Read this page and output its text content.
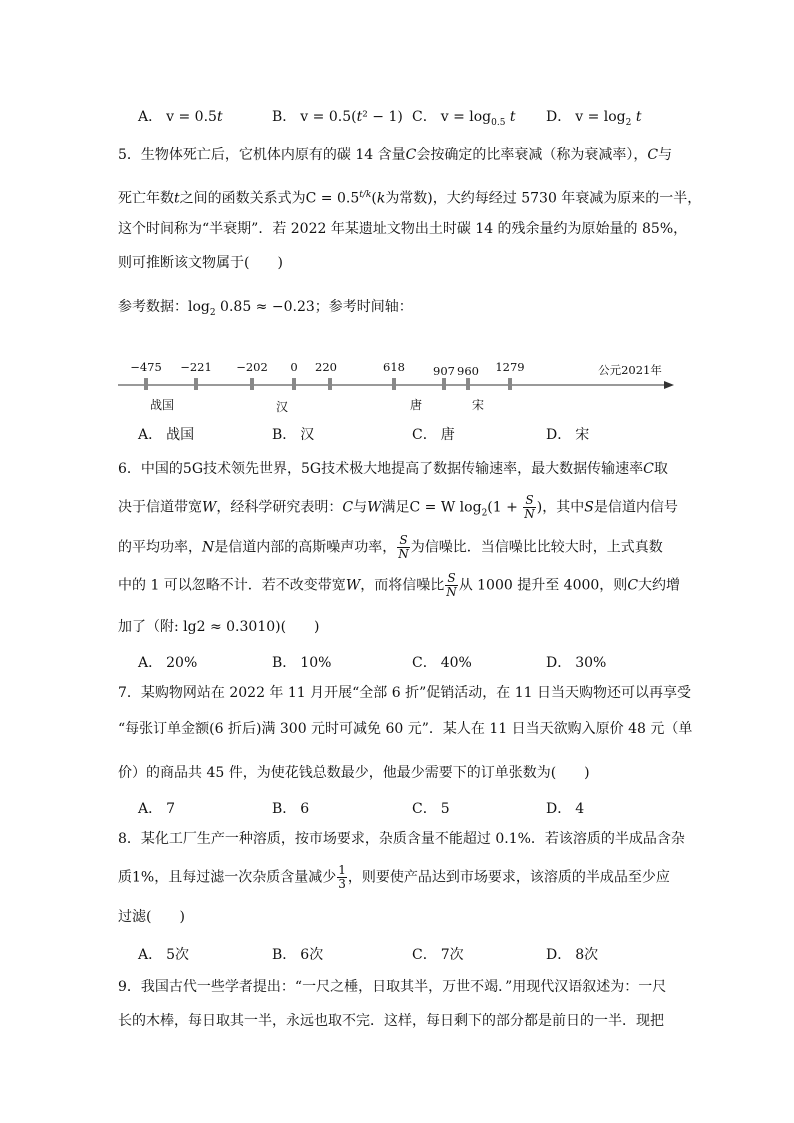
A． v = 0.5t	B． v = 0.5(t² − 1) C． $v = \log_{0.5} t$ D． $v = \log_2 t$
5．生物体死亡后，它机体内原有的碳 14 含量C会按确定的比率衰减（称为衰减率），C与
死亡年数t之间的函数关系式为$C = 0.5^{t/k}(k$为常数)，大约每经过 5730 年衰减为原来的一半，
这个时间称为“半衰期”．若 2022 年某遗址文物出土时碳 14 的残余量约为原始量的 85%，
则可推断该文物属于(　　)
参考数据：$\log_2 0.85 \approx -0.23$；参考时间轴：
−475 −221 −202 0 220	618 907 960 1279	公元2021年
战国	汉	唐	宋
A． 战国	B． 汉	C． 唐	D． 宋
6．中国的5G技术领先世界，5G技术极大地提高了数据传输速率，最大数据传输速率C取
决于信道带宽W，经科学研究表明：C与W满足C = W $\log_2(1 + \frac{S}{N}$ )，其中S是信道内信号
的平均功率，N是信道内部的高斯噪声功率， $\frac{S}{N}$ 为信噪比．当信噪比比较大时，上式真数
中的 1 可以忽略不计．若不改变带宽W，而将信噪比 $\frac{S}{N}$ 从 1000 提升至 4000，则C大约增
加了（附: lg2 ≈ 0.3010)(　　)
A． 20%	B． 10%	C． 40%	D． 30%
7．某购物网站在 2022 年 11 月开展“全部 6 折”促销活动，在 11 日当天购物还可以再享受
“每张订单金额(6 折后)满 300 元时可减免 60 元”．某人在 11 日当天欲购入原价 48 元（单
价）的商品共 45 件，为使花钱总数最少，他最少需要下的订单张数为(　　)
A． 7	B． 6	C． 5	D． 4
8．某化工厂生产一种溶质，按市场要求，杂质含量不能超过 0.1%．若该溶质的半成品含杂
质1%，且每过滤一次杂质含量减少 $\frac{1}{3}$ ，则要使产品达到市场要求，该溶质的半成品至少应
过滤(　　)
A． 5次	B． 6次	C． 7次	D． 8次
9．我国古代一些学者提出：“一尺之棰，日取其半，万世不竭．”用现代汉语叙述为：一尺
长的木棒，每日取其一半，永远也取不完．这样，每日剩下的部分都是前日的一半．现把
